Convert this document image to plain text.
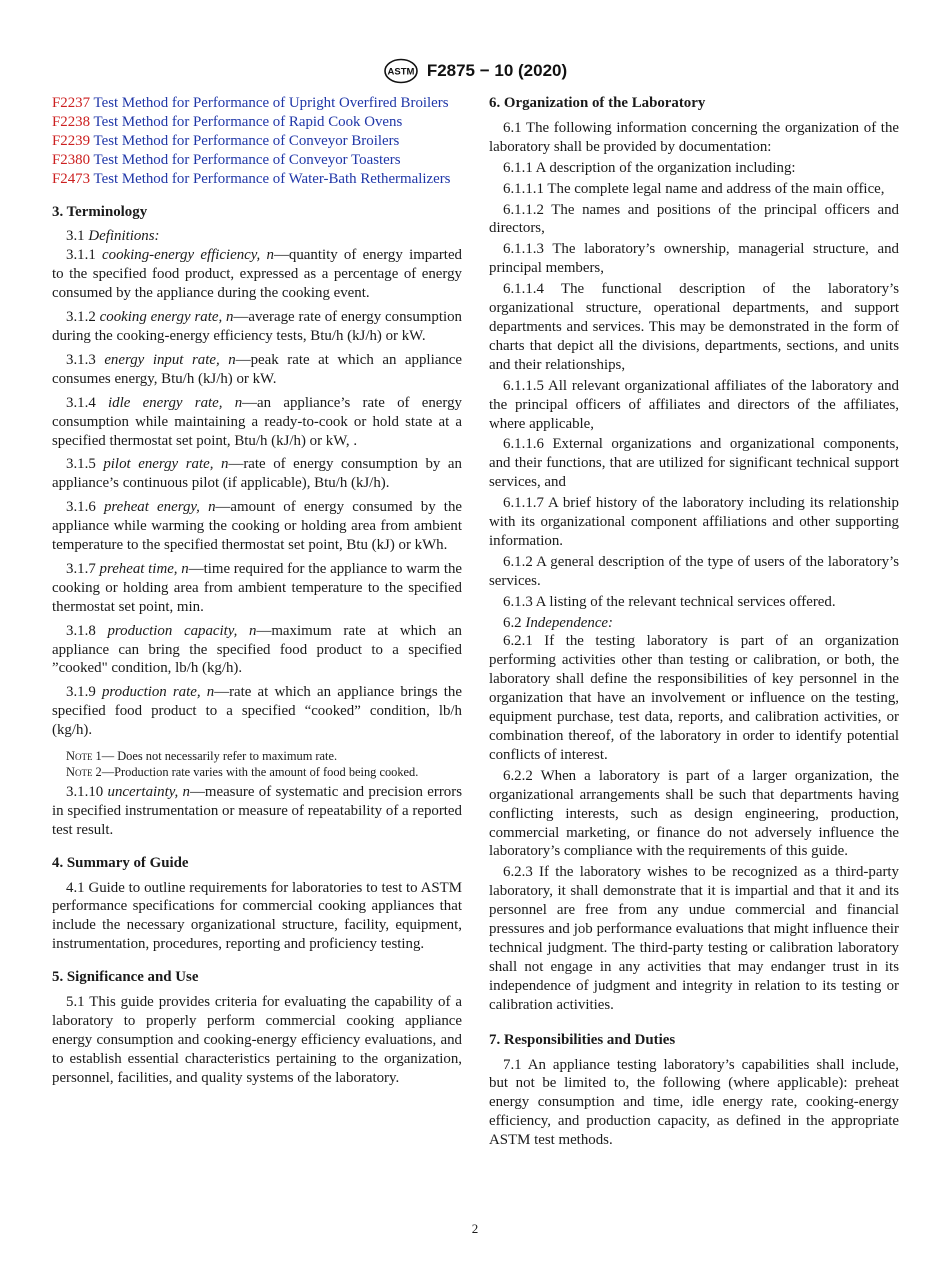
ASTM F2875 − 10 (2020)

F2237 Test Method for Performance of Upright Overfired Broilers

F2238 Test Method for Performance of Rapid Cook Ovens

F2239 Test Method for Performance of Conveyor Broilers

F2380 Test Method for Performance of Conveyor Toasters

F2473 Test Method for Performance of Water-Bath Rethermalizers

3. Terminology

3.1 Definitions:

3.1.1 cooking-energy efficiency, n—quantity of energy imparted to the specified food product, expressed as a percentage of energy consumed by the appliance during the cooking event.

3.1.2 cooking energy rate, n—average rate of energy consumption during the cooking-energy efficiency tests, Btu/h (kJ/h) or kW.

3.1.3 energy input rate, n—peak rate at which an appliance consumes energy, Btu/h (kJ/h) or kW.

3.1.4 idle energy rate, n—an appliance’s rate of energy consumption while maintaining a ready-to-cook or hold state at a specified thermostat set point, Btu/h (kJ/h) or kW, .

3.1.5 pilot energy rate, n—rate of energy consumption by an appliance’s continuous pilot (if applicable), Btu/h (kJ/h).

3.1.6 preheat energy, n—amount of energy consumed by the appliance while warming the cooking or holding area from ambient temperature to the specified thermostat set point, Btu (kJ) or kWh.

3.1.7 preheat time, n—time required for the appliance to warm the cooking or holding area from ambient temperature to the specified thermostat set point, min.

3.1.8 production capacity, n—maximum rate at which an appliance can bring the specified food product to a specified ”cooked" condition, lb/h (kg/h).

3.1.9 production rate, n—rate at which an appliance brings the specified food product to a specified “cooked” condition, lb/h (kg/h).

Note 1— Does not necessarily refer to maximum rate.

Note 2—Production rate varies with the amount of food being cooked.

3.1.10 uncertainty, n—measure of systematic and precision errors in specified instrumentation or measure of repeatability of a reported test result.

4. Summary of Guide

4.1 Guide to outline requirements for laboratories to test to ASTM performance specifications for commercial cooking appliances that include the necessary organizational structure, facility, equipment, instrumentation, procedures, reporting and proficiency testing.

5. Significance and Use

5.1 This guide provides criteria for evaluating the capability of a laboratory to properly perform commercial cooking appliance energy consumption and cooking-energy efficiency evaluations, and to establish essential characteristics pertaining to the organization, personnel, facilities, and quality systems of the laboratory.

6. Organization of the Laboratory

6.1 The following information concerning the organization of the laboratory shall be provided by documentation:

6.1.1 A description of the organization including:

6.1.1.1 The complete legal name and address of the main office,

6.1.1.2 The names and positions of the principal officers and directors,

6.1.1.3 The laboratory’s ownership, managerial structure, and principal members,

6.1.1.4 The functional description of the laboratory’s organizational structure, operational departments, and support departments and services. This may be demonstrated in the form of charts that depict all the divisions, departments, sections, and units and their relationships,

6.1.1.5 All relevant organizational affiliates of the laboratory and the principal officers of affiliates and directors of the affiliates, where applicable,

6.1.1.6 External organizations and organizational components, and their functions, that are utilized for significant technical support services, and

6.1.1.7 A brief history of the laboratory including its relationship with its organizational component affiliations and other supporting information.

6.1.2 A general description of the type of users of the laboratory’s services.

6.1.3 A listing of the relevant technical services offered.

6.2 Independence:

6.2.1 If the testing laboratory is part of an organization performing activities other than testing or calibration, or both, the laboratory shall define the responsibilities of key personnel in the organization that have an involvement or influence on the testing, equipment purchase, test data, reports, and calibration activities, or combination thereof, of the laboratory in order to identify potential conflicts of interest.

6.2.2 When a laboratory is part of a larger organization, the organizational arrangements shall be such that departments having conflicting interests, such as design engineering, production, commercial marketing, or finance do not adversely influence the laboratory’s compliance with the requirements of this guide.

6.2.3 If the laboratory wishes to be recognized as a third-party laboratory, it shall demonstrate that it is impartial and that it and its personnel are free from any undue commercial and financial pressures and job performance evaluations that might influence their technical judgment. The third-party testing or calibration laboratory shall not engage in any activities that may endanger trust in its independence of judgment and integrity in relation to its testing or calibration activities.

7. Responsibilities and Duties

7.1 An appliance testing laboratory’s capabilities shall include, but not be limited to, the following (where applicable): preheat energy consumption and time, idle energy rate, cooking-energy efficiency, and production capacity, as defined in the appropriate ASTM test methods.

2
